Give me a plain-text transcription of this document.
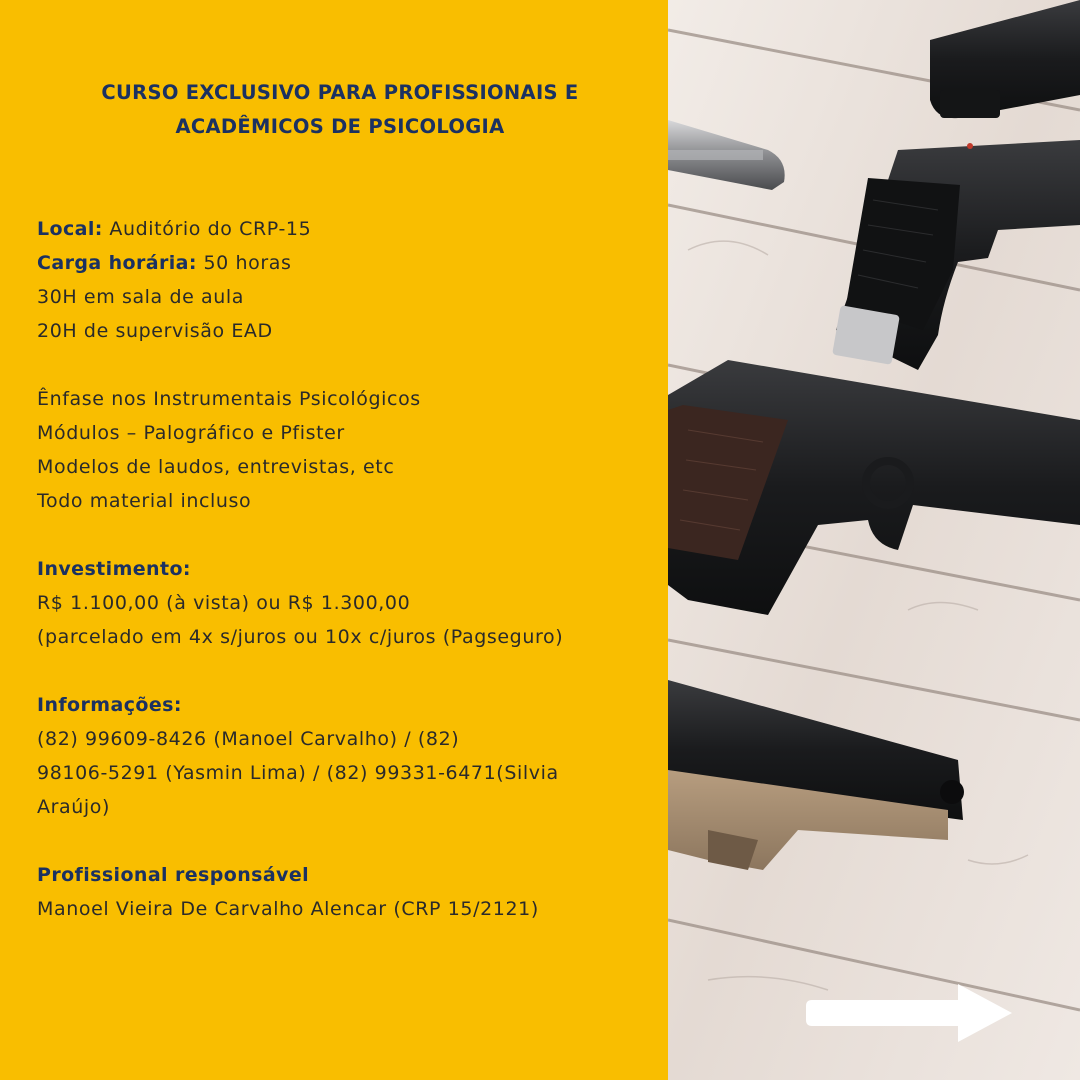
CURSO EXCLUSIVO PARA PROFISSIONAIS E
ACADÊMICOS DE PSICOLOGIA
Local: Auditório do CRP-15
Carga horária: 50 horas
30H em sala de aula
20H de supervisão EAD
Ênfase nos Instrumentais Psicológicos
Módulos – Palográfico e Pfister
Modelos de laudos, entrevistas, etc
Todo material incluso
Investimento:
R$ 1.100,00 (à vista) ou R$ 1.300,00
(parcelado em 4x s/juros ou 10x c/juros (Pagseguro)
Informações:
(82) 99609-8426 (Manoel Carvalho) / (82)
98106-5291 (Yasmin Lima) / (82) 99331-6471(Silvia
Araújo)
Profissional responsável
Manoel Vieira De Carvalho Alencar (CRP 15/2121)
